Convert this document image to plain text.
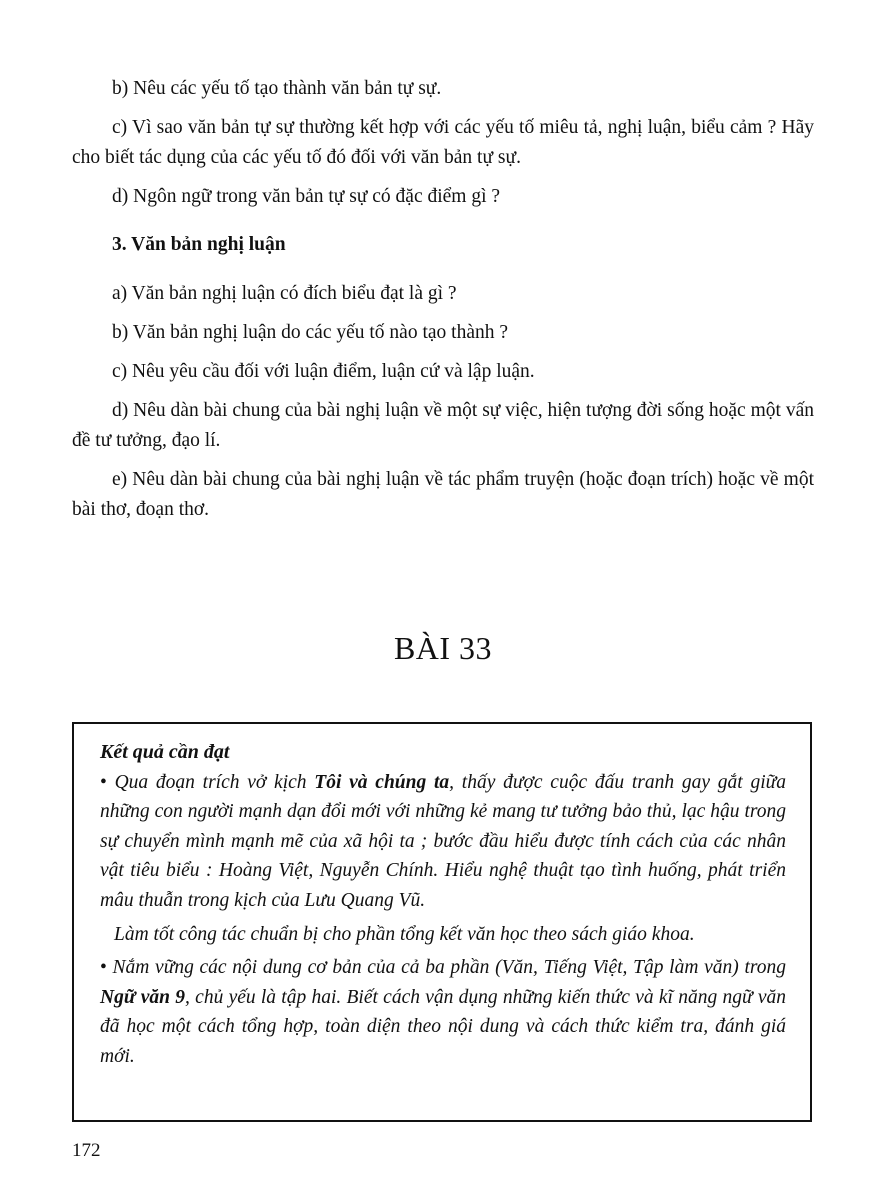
b) Nêu các yếu tố tạo thành văn bản tự sự.

c) Vì sao văn bản tự sự thường kết hợp với các yếu tố miêu tả, nghị luận, biểu cảm ? Hãy cho biết tác dụng của các yếu tố đó đối với văn bản tự sự.

d) Ngôn ngữ trong văn bản tự sự có đặc điểm gì ?

3. Văn bản nghị luận

a) Văn bản nghị luận có đích biểu đạt là gì ?

b) Văn bản nghị luận do các yếu tố nào tạo thành ?

c) Nêu yêu cầu đối với luận điểm, luận cứ và lập luận.

d) Nêu dàn bài chung của bài nghị luận về một sự việc, hiện tượng đời sống hoặc một vấn đề tư tưởng, đạo lí.

e) Nêu dàn bài chung của bài nghị luận về tác phẩm truyện (hoặc đoạn trích) hoặc về một bài thơ, đoạn thơ.

BÀI 33

Kết quả cần đạt

• Qua đoạn trích vở kịch Tôi và chúng ta, thấy được cuộc đấu tranh gay gắt giữa những con người mạnh dạn đổi mới với những kẻ mang tư tưởng bảo thủ, lạc hậu trong sự chuyển mình mạnh mẽ của xã hội ta ; bước đầu hiểu được tính cách của các nhân vật tiêu biểu : Hoàng Việt, Nguyễn Chính. Hiểu nghệ thuật tạo tình huống, phát triển mâu thuẫn trong kịch của Lưu Quang Vũ.

Làm tốt công tác chuẩn bị cho phần tổng kết văn học theo sách giáo khoa.

• Nắm vững các nội dung cơ bản của cả ba phần (Văn, Tiếng Việt, Tập làm văn) trong Ngữ văn 9, chủ yếu là tập hai. Biết cách vận dụng những kiến thức và kĩ năng ngữ văn đã học một cách tổng hợp, toàn diện theo nội dung và cách thức kiểm tra, đánh giá mới.

172
